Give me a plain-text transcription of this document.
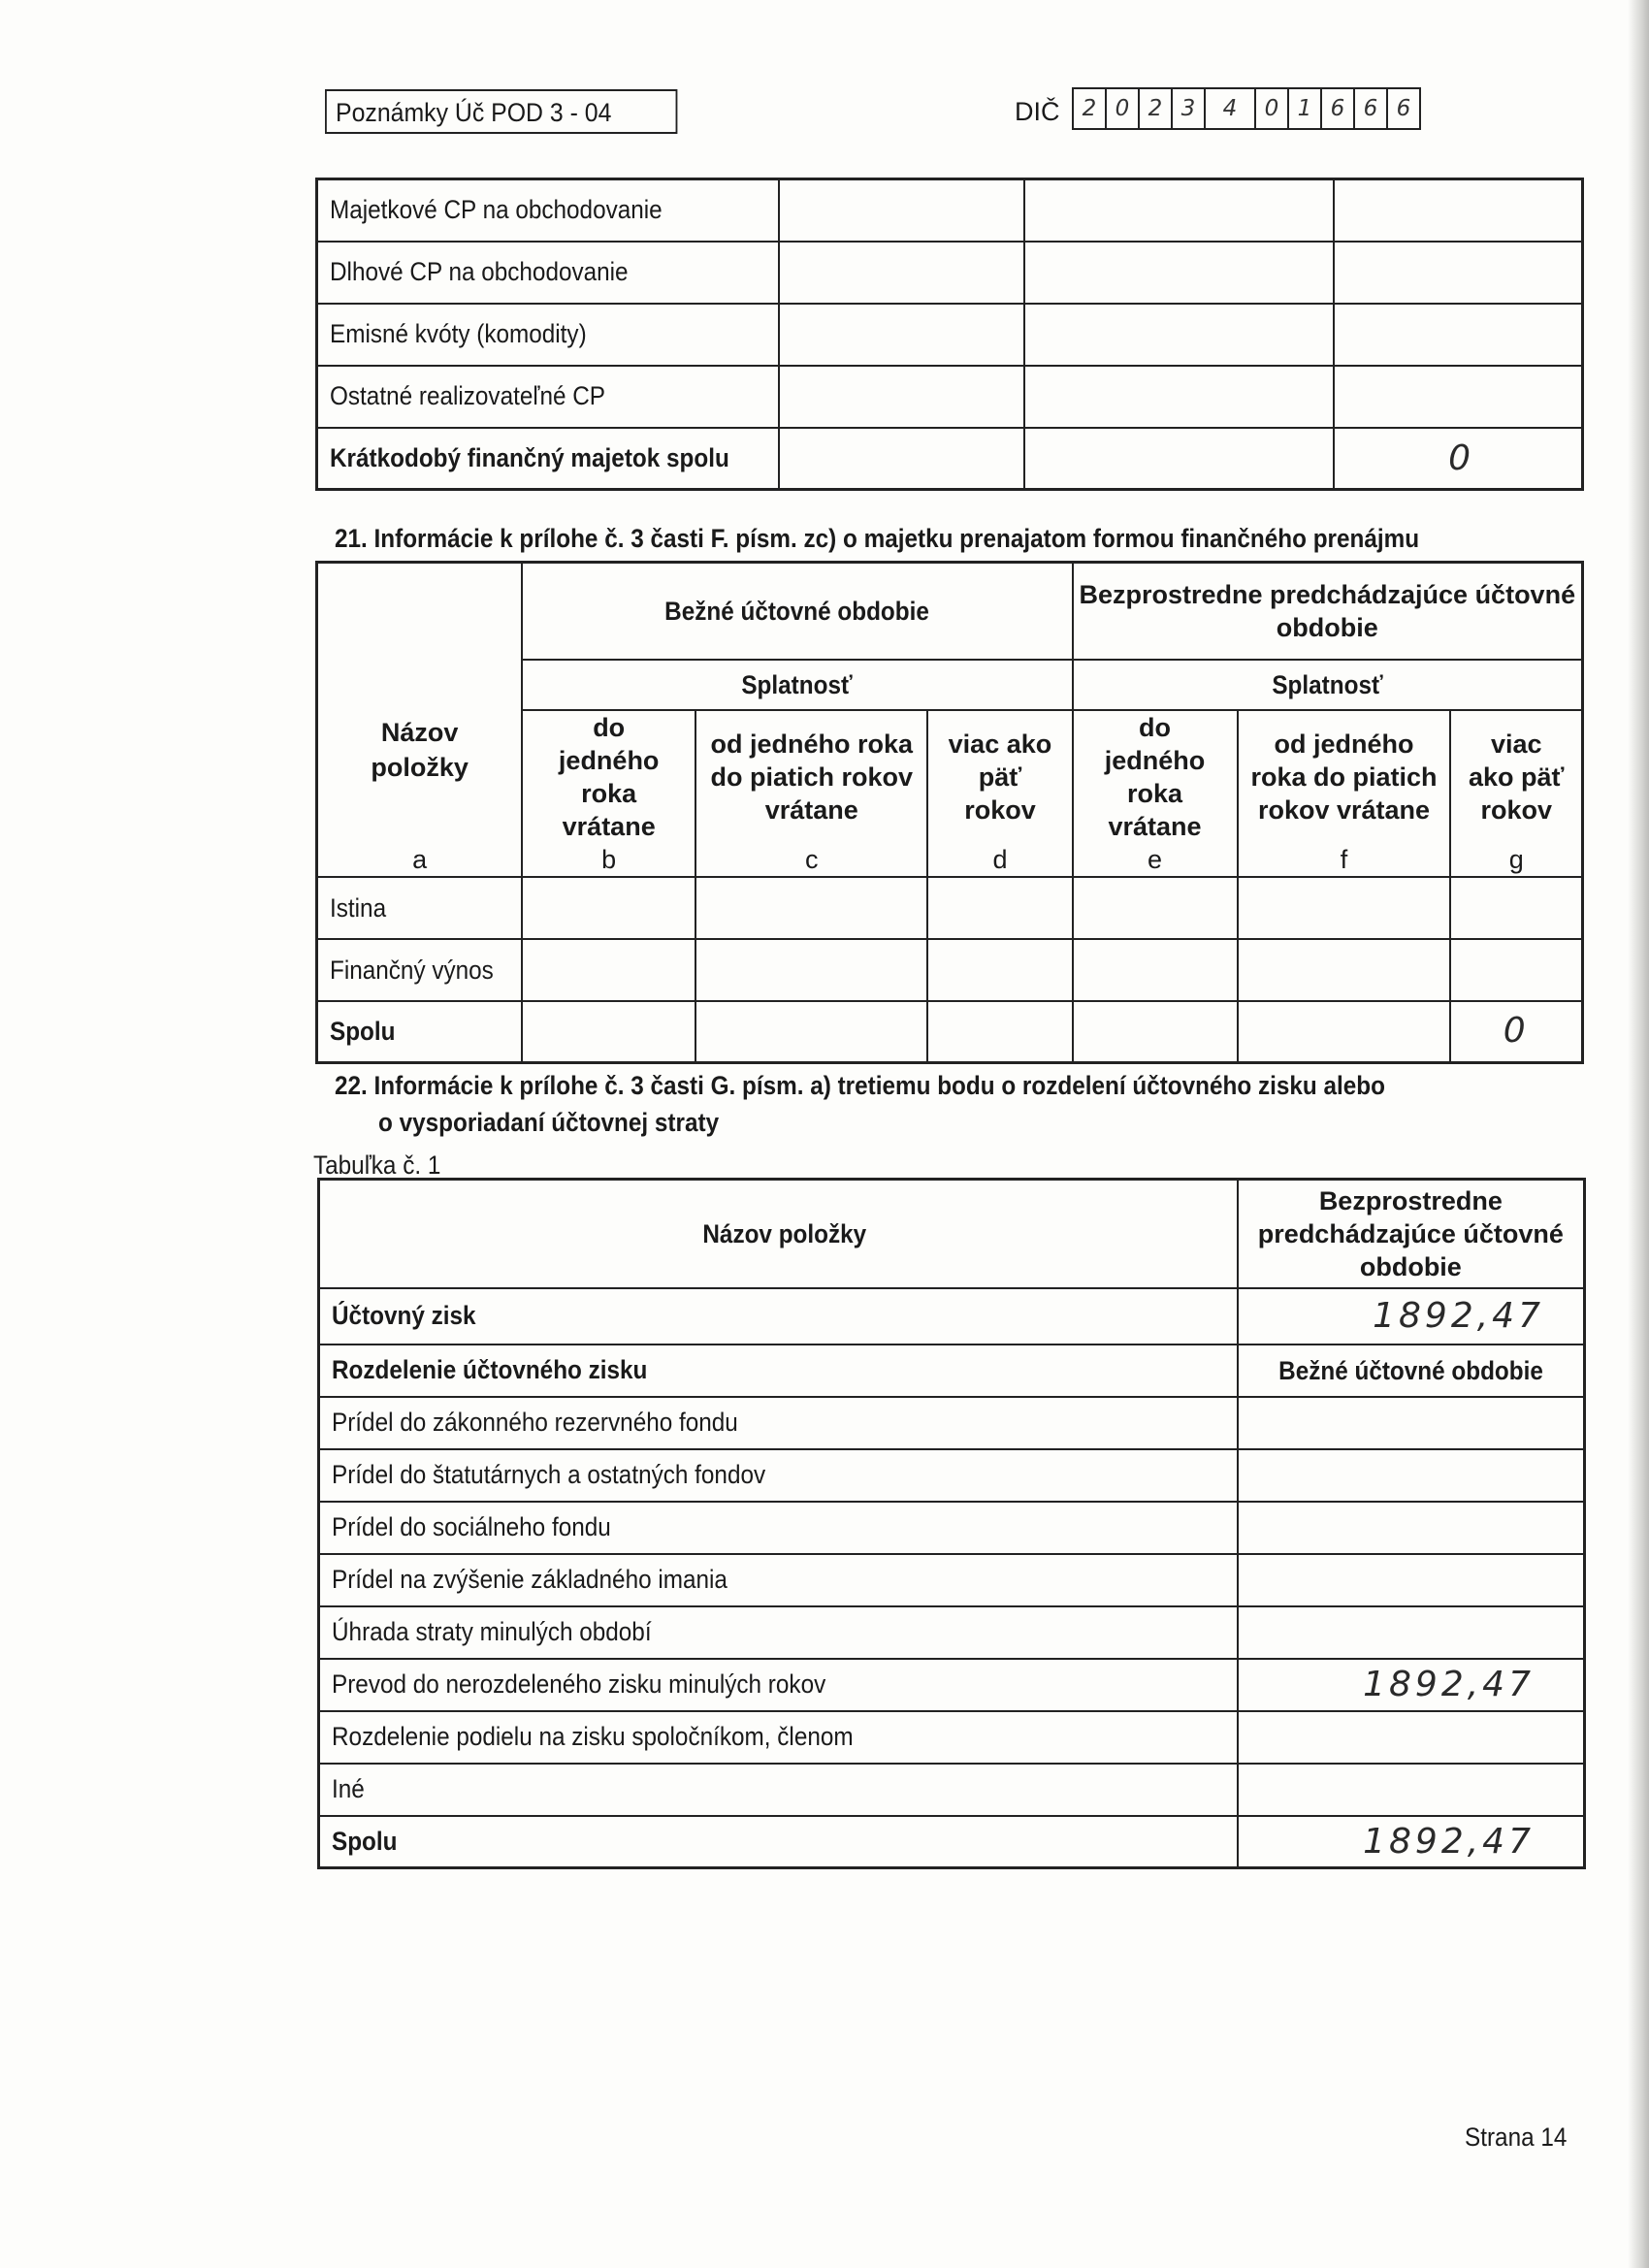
Poznámky Úč POD 3 - 04	DIČ	2 0 2 3	4	0 1 6 6 6
Majetkové CP na obchodovanie			
Dlhové CP na obchodovanie			
Emisné kvóty (komodity)			
Ostatné realizovateľné CP			
Krátkodobý finančný majetok spolu			0
21. Informácie k prílohe č. 3 časti F. písm. zc) o majetku prenajatom formou finančného prenájmu
Názov položky	Bežné účtovné obdobie			Bezprostredne predchádzajúce účtovné obdobie		

	Splatnosť			Splatnosť		

	do jedného roka vrátane	od jedného roka do piatich rokov vrátane	viac ako päť rokov	do jedného roka vrátane	od jedného roka do piatich rokov vrátane	viac ako päť rokov

a	b	c	d	e	f	g
Istina						
Finančný výnos						
Spolu						0
22. Informácie k prílohe č. 3 časti G. písm. a) tretiemu bodu o rozdelení účtovného zisku alebo
o vysporiadaní účtovnej straty
Tabuľka č. 1
Názov položky	Bezprostredne predchádzajúce účtovné obdobie

Účtovný zisk	1892,47
Rozdelenie účtovného zisku	Bežné účtovné obdobie
Prídel do zákonného rezervného fondu	
Prídel do štatutárnych a ostatných fondov	
Prídel do sociálneho fondu	
Prídel na zvýšenie základného imania	
Úhrada straty minulých období	
Prevod do nerozdeleného zisku minulých rokov	1892,47
Rozdelenie podielu na zisku spoločníkom, členom	
Iné	
Spolu	1892,47
Strana 14
